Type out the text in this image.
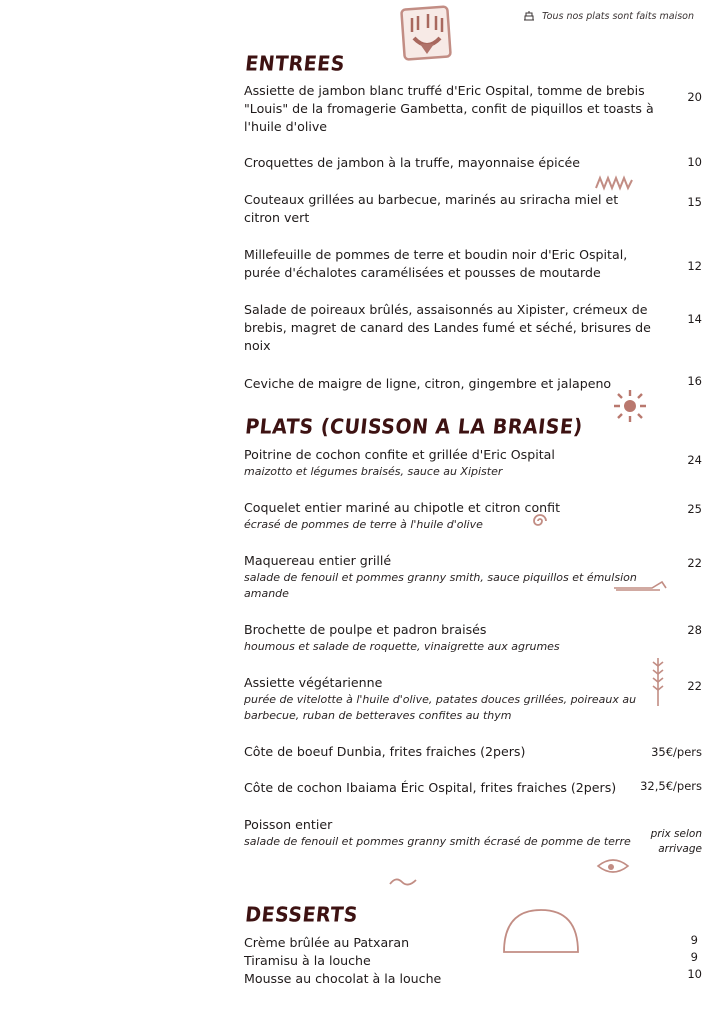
Tous nos plats sont faits maison
ENTREES
Assiette de jambon blanc truffé d'Eric Ospital, tomme de brebis "Louis" de la fromagerie Gambetta, confit de piquillos et toasts à l'huile d'olive
20
Croquettes de jambon à la truffe, mayonnaise épicée	10
Couteaux grillées au barbecue, marinés au sriracha miel et citron vert
15
Millefeuille de pommes de terre et boudin noir d'Eric Ospital, purée d'échalotes caramélisées et pousses de moutarde	12
Salade de poireaux brûlés, assaisonnés au Xipister, crémeux de brebis, magret de canard des Landes fumé et séché, brisures de noix
14
Ceviche de maigre de ligne, citron, gingembre et jalapeno	16
PLATS (CUISSON A LA BRAISE)
Poitrine de cochon confite et grillée d'Eric Ospital
maizotto et légumes braisés, sauce au Xipister
24
Coquelet entier mariné au chipotle et citron confit
écrasé de pommes de terre à l'huile d'olive
25
Maquereau entier grillé
salade de fenouil et pommes granny smith, sauce piquillos et émulsion amande
22
Brochette de poulpe et padron braisés
houmous et salade de roquette, vinaigrette aux agrumes
28
Assiette végétarienne
purée de vitelotte à l'huile d'olive, patates douces grillées, poireaux au barbecue, ruban de betteraves confites au thym
22
Côte de boeuf Dunbia, frites fraiches (2pers)	35€/pers
Côte de cochon Ibaiama Éric Ospital, frites fraiches (2pers)	32,5€/pers
Poisson entier
salade de fenouil et pommes granny smith écrasé de pomme de terre
prix selon arrivage
DESSERTS
Crème brûlée au Patxaran	9
Tiramisu à la louche	9
Mousse au chocolat à la louche	10
